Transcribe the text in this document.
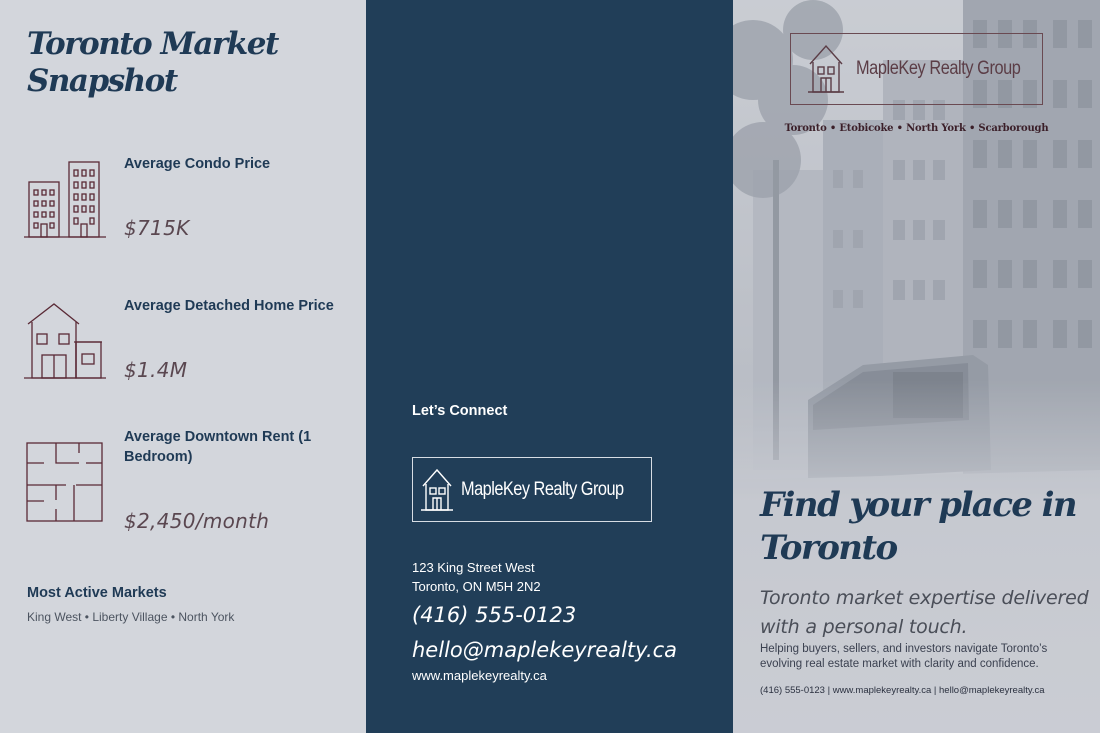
Toronto Market Snapshot
Average Condo Price
$715K
Average Detached Home Price
$1.4M
Average Downtown Rent (1 Bedroom)
$2,450/month
Most Active Markets
King West • Liberty Village • North York
Let’s Connect
MapleKey Realty Group
123 King Street West
Toronto, ON M5H 2N2
(416) 555-0123
hello@maplekeyrealty.ca
www.maplekeyrealty.ca
MapleKey Realty Group
Toronto • Etobicoke • North York • Scarborough
Find your place in Toronto
Toronto market expertise delivered with a personal touch.
Helping buyers, sellers, and investors navigate Toronto’s evolving real estate market with clarity and confidence.
(416) 555-0123 | www.maplekeyrealty.ca | hello@maplekeyrealty.ca
